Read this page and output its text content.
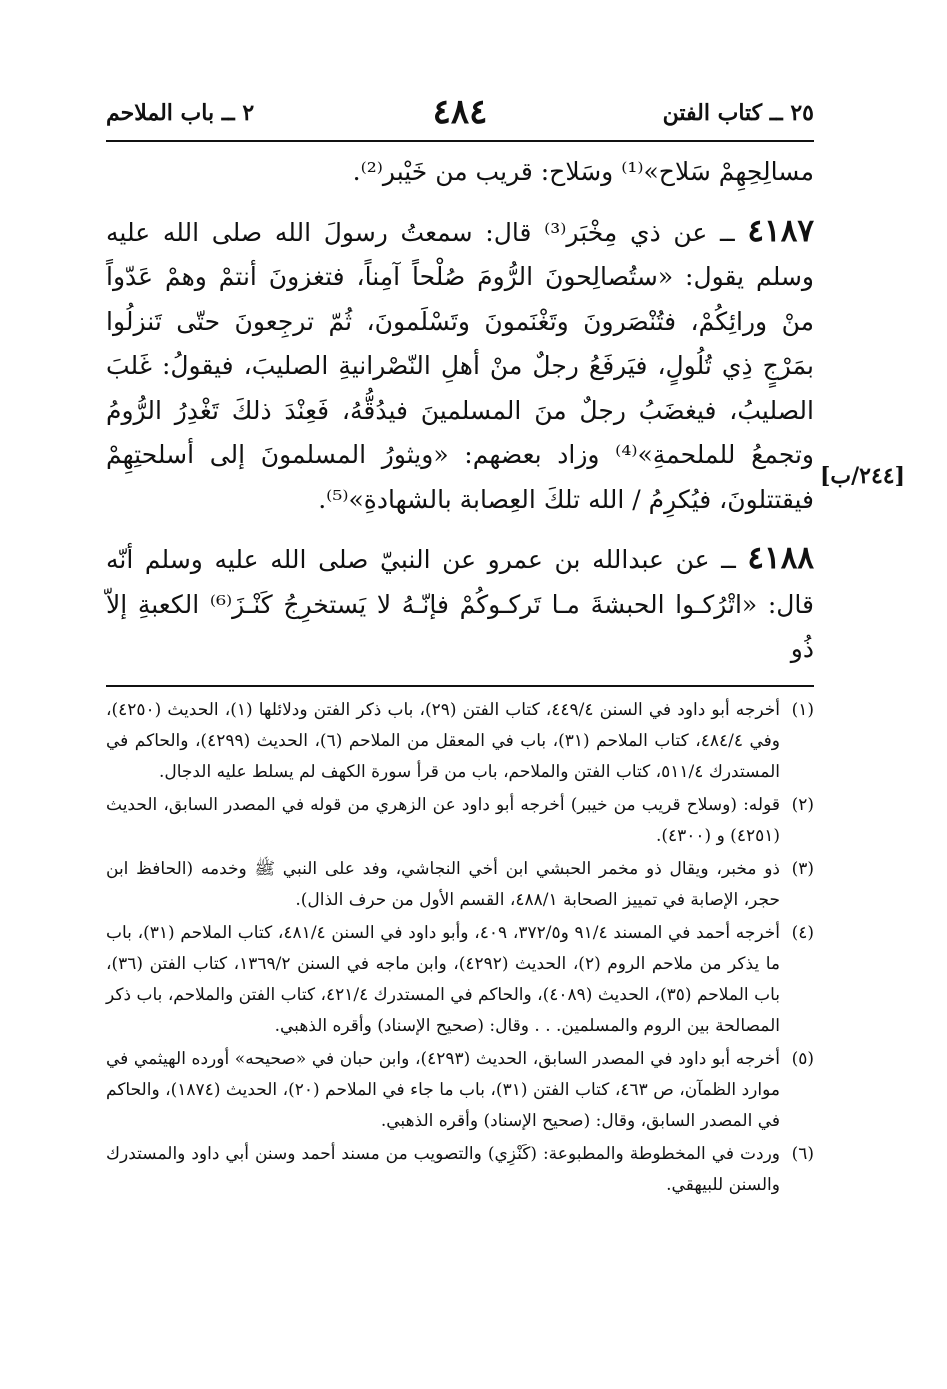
٢٥ ــ كتاب الفتن
٤٨٤
٢ ــ باب الملاحم
[٢٤٤/ب]

مسالِحِهِمْ سَلاح»⁽¹⁾ وسَلاح: قريب من خَيْبر⁽²⁾.

٤١٨٧ ــ عن ذي مِخْبَر⁽³⁾ قال: سمعتُ رسولَ الله صلى الله عليه وسلم يقول: «ستُصالِحونَ الرُّومَ صُلْحاً آمِناً، فتغزونَ أنتمْ وهمْ عَدّواً منْ ورائِكُمْ، فتُنْصَرونَ وتَغْنَمونَ وتَسْلَمونَ، ثُمّ ترجِعونَ حتّى تَنزلُوا بمَرْجٍ ذِي تُلُولٍ، فيَرفَعُ رجلٌ منْ أهلِ النّصْرانيةِ الصليبَ، فيقولُ: غَلبَ الصليبُ، فيغضَبُ رجلٌ منَ المسلمينَ فيدُقُّهُ، فَعِنْدَ ذلكَ تَغْدِرُ الرُّومُ وتجمعُ للملحمةِ»⁽⁴⁾ وزاد بعضهم: «ويثورُ المسلمونَ إلى أسلحتِهِمْ فيقتتلونَ، فيُكرِمُ / الله تلكَ العِصابة بالشهادةِ»⁽⁵⁾.

٤١٨٨ ــ عن عبدالله بن عمرو عن النبيّ صلى الله عليه وسلم أنّه قال: «اتْرُكـوا الحبشةَ مـا تَركـوكُمْ فإنّـهُ لا يَستخرِجُ كَنْـزَ⁽⁶⁾ الكعبةِ إلاّ ذُو

(١)
أخرجه أبو داود في السنن ٤٤٩/٤، كتاب الفتن (٢٩)، باب ذكر الفتن ودلائلها (١)، الحديث (٤٢٥٠)، وفي ٤٨٤/٤، كتاب الملاحم (٣١)، باب في المعقل من الملاحم (٦)، الحديث (٤٢٩٩)، والحاكم في المستدرك ٥١١/٤، كتاب الفتن والملاحم، باب من قرأ سورة الكهف لم يسلط عليه الدجال.
(٢)
قوله: (وسلاح قريب من خيبر) أخرجه أبو داود عن الزهري من قوله في المصدر السابق، الحديث (٤٢٥١) و (٤٣٠٠).
(٣)
ذو مخبر، ويقال ذو مخمر الحبشي ابن أخي النجاشي، وفد على النبي ﷺ وخدمه (الحافظ ابن حجر، الإصابة في تمييز الصحابة ٤٨٨/١، القسم الأول من حرف الذال).
(٤)
أخرجه أحمد في المسند ٩١/٤ و٣٧٢/٥، ٤٠٩، وأبو داود في السنن ٤٨١/٤، كتاب الملاحم (٣١)، باب ما يذكر من ملاحم الروم (٢)، الحديث (٤٢٩٢)، وابن ماجه في السنن ١٣٦٩/٢، كتاب الفتن (٣٦)، باب الملاحم (٣٥)، الحديث (٤٠٨٩)، والحاكم في المستدرك ٤٢١/٤، كتاب الفتن والملاحم، باب ذكر المصالحة بين الروم والمسلمين. . . وقال: (صحيح الإسناد) وأقره الذهبي.
(٥)
أخرجه أبو داود في المصدر السابق، الحديث (٤٢٩٣)، وابن حبان في «صحيحه» أورده الهيثمي في موارد الظمآن، ص ٤٦٣، كتاب الفتن (٣١)، باب ما جاء في الملاحم (٢٠)، الحديث (١٨٧٤)، والحاكم في المصدر السابق، وقال: (صحيح الإسناد) وأقره الذهبي.
(٦)
وردت في المخطوطة والمطبوعة: (كَنْزِي) والتصويب من مسند أحمد وسنن أبي داود والمستدرك والسنن للبيهقي.
